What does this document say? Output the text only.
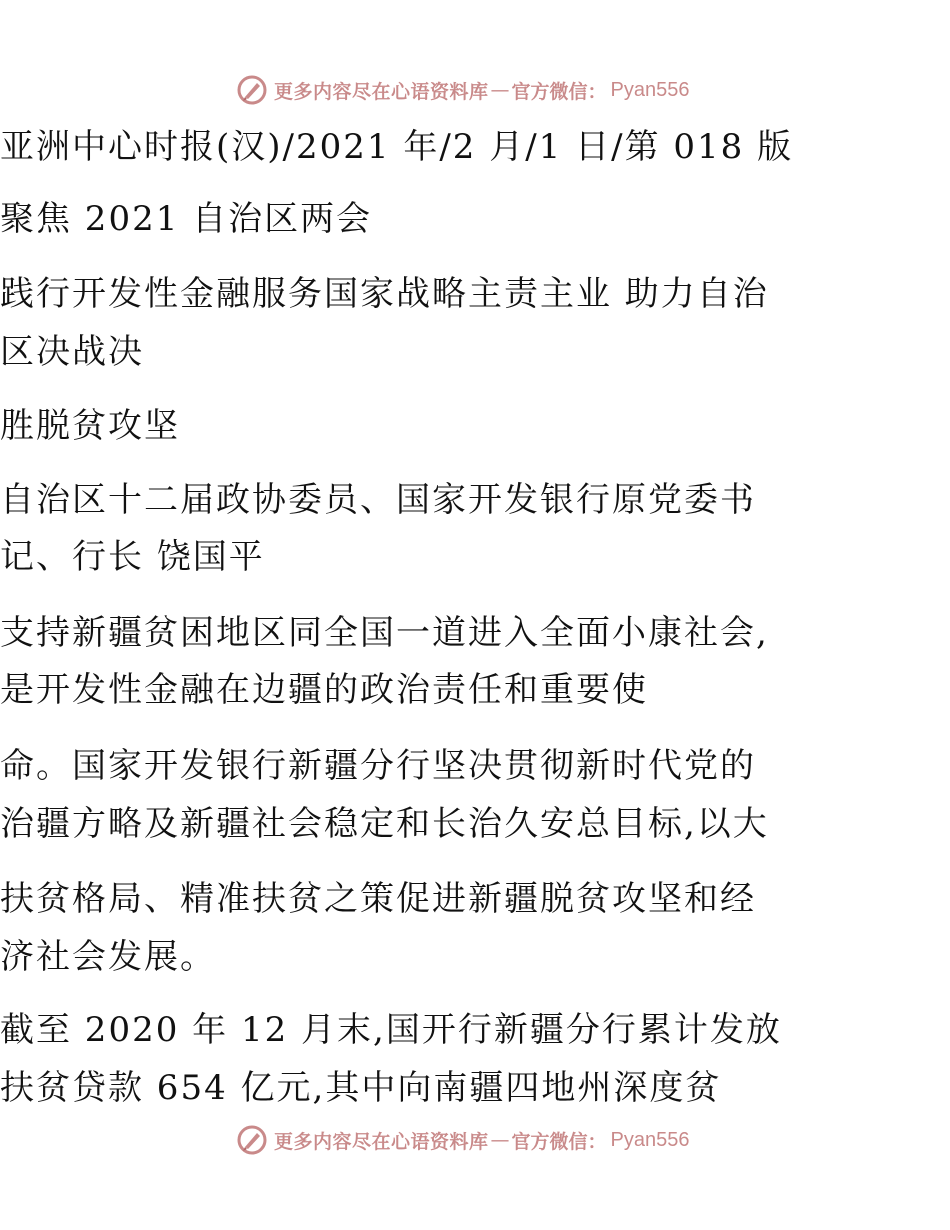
更多内容尽在心语资料库 — 官方微信： Pyan556

亚洲中心时报(汉)/2021 年/2 月/1 日/第 018 版

聚焦 2021 自治区两会

践行开发性金融服务国家战略主责主业 助力自治

区决战决

胜脱贫攻坚

自治区十二届政协委员、国家开发银行原党委书

记、行长 饶国平

支持新疆贫困地区同全国一道进入全面小康社会,

是开发性金融在边疆的政治责任和重要使

命。国家开发银行新疆分行坚决贯彻新时代党的

治疆方略及新疆社会稳定和长治久安总目标,以大

扶贫格局、精准扶贫之策促进新疆脱贫攻坚和经

济社会发展。

截至 2020 年 12 月末,国开行新疆分行累计发放

扶贫贷款 654 亿元,其中向南疆四地州深度贫

更多内容尽在心语资料库 — 官方微信： Pyan556
